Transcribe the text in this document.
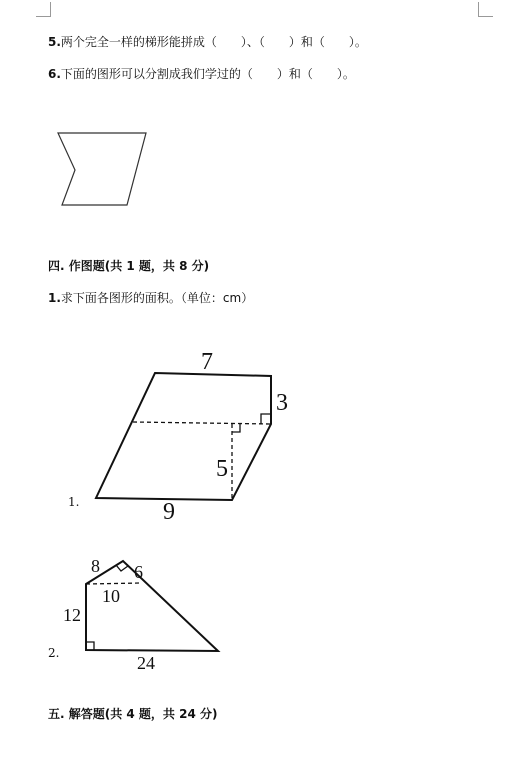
5.两个完全一样的梯形能拼成（　　）、（　　）和（　　）。
6.下面的图形可以分割成我们学过的（　　）和（　　）。
四. 作图题(共 1 题，共 8 分)
1.求下面各图形的面积。（单位：cm）
1.
7
3
5
9
2.
8 6
10
12
24
五. 解答题(共 4 题，共 24 分)
